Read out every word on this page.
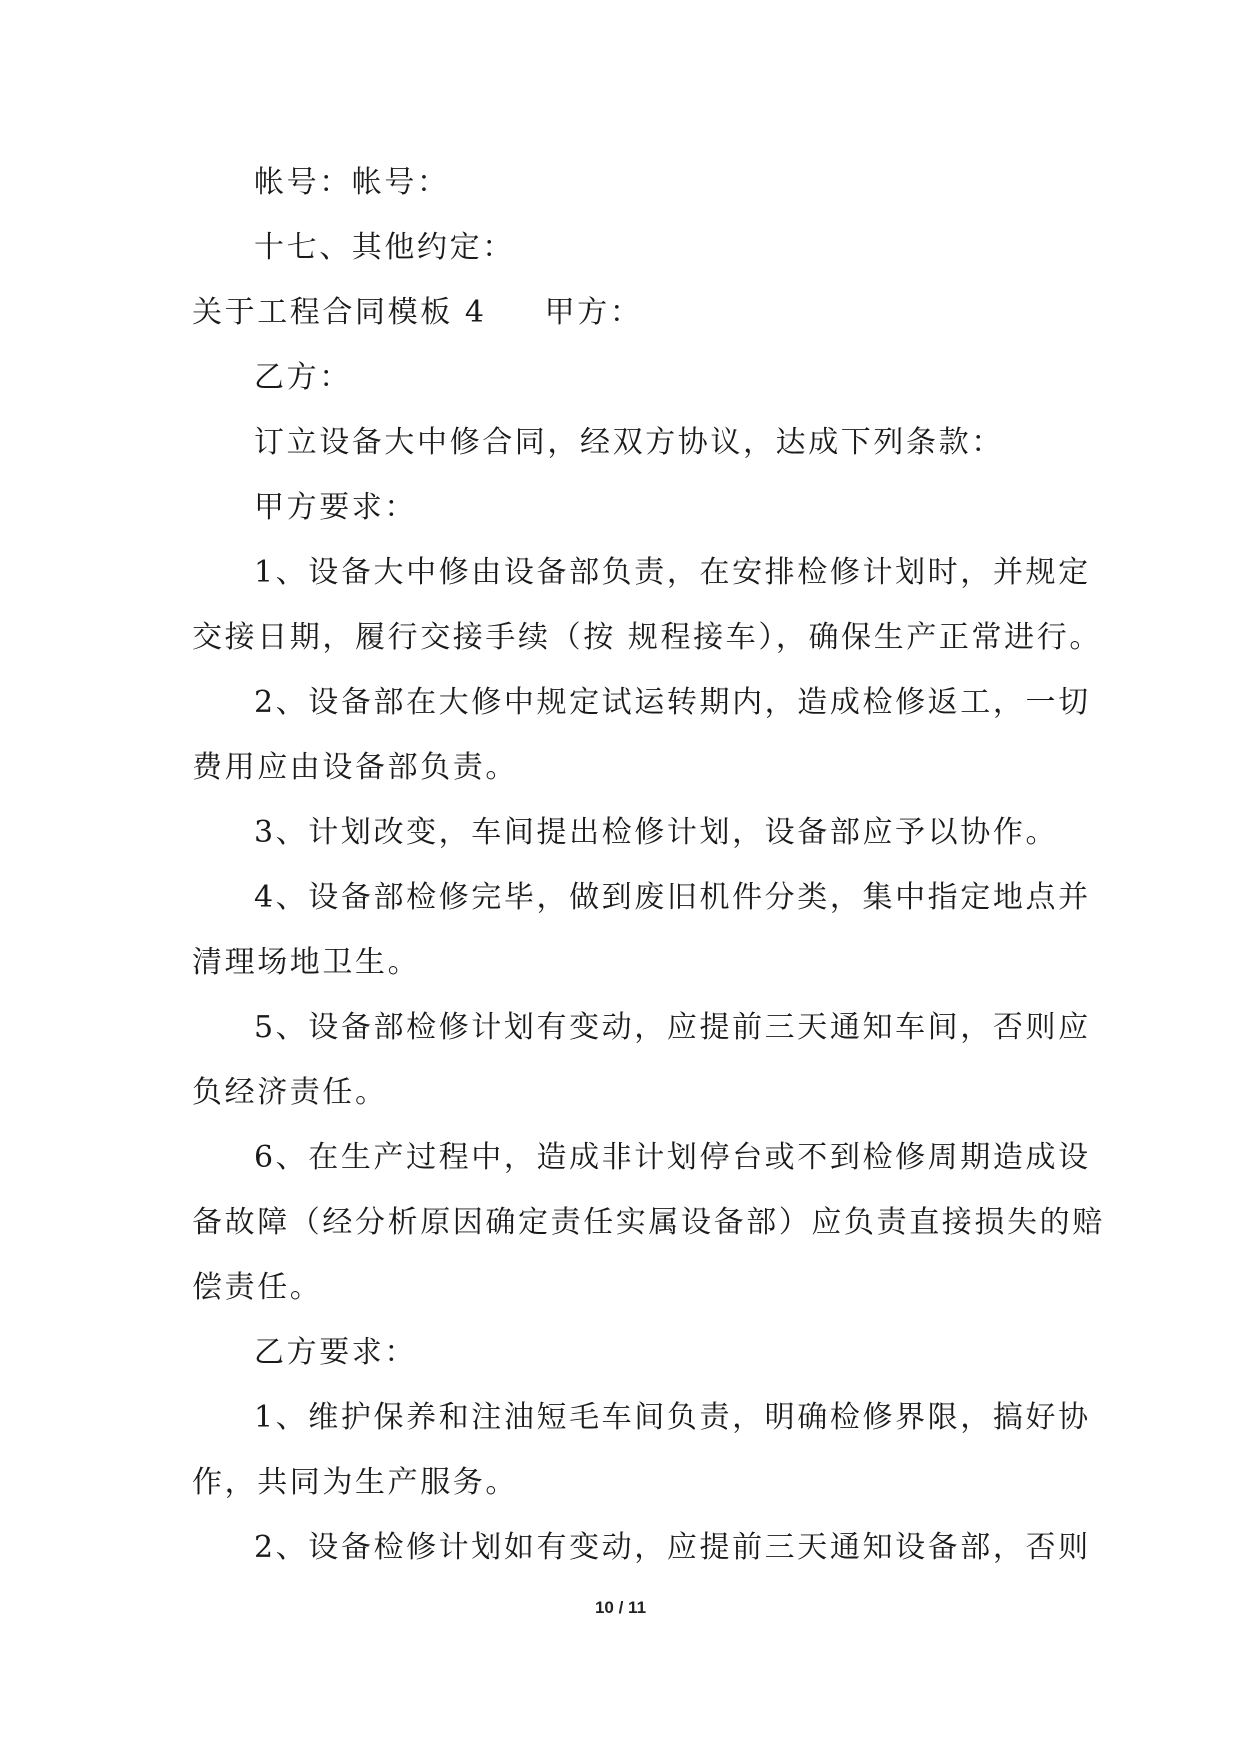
帐号：帐号：
十七、其他约定：
关于工程合同模板 4 甲方：
乙方：
订立设备大中修合同，经双方协议，达成下列条款：
甲方要求：
1、设备大中修由设备部负责，在安排检修计划时，并规定
交接日期，履行交接手续（按 规程接车），确保生产正常进行。
2、设备部在大修中规定试运转期内，造成检修返工，一切
费用应由设备部负责。
3、计划改变，车间提出检修计划，设备部应予以协作。
4、设备部检修完毕，做到废旧机件分类，集中指定地点并
清理场地卫生。
5、设备部检修计划有变动，应提前三天通知车间，否则应
负经济责任。
6、在生产过程中，造成非计划停台或不到检修周期造成设
备故障（经分析原因确定责任实属设备部）应负责直接损失的赔
偿责任。
乙方要求：
1、维护保养和注油短毛车间负责，明确检修界限，搞好协
作，共同为生产服务。
2、设备检修计划如有变动，应提前三天通知设备部，否则
10 / 11
